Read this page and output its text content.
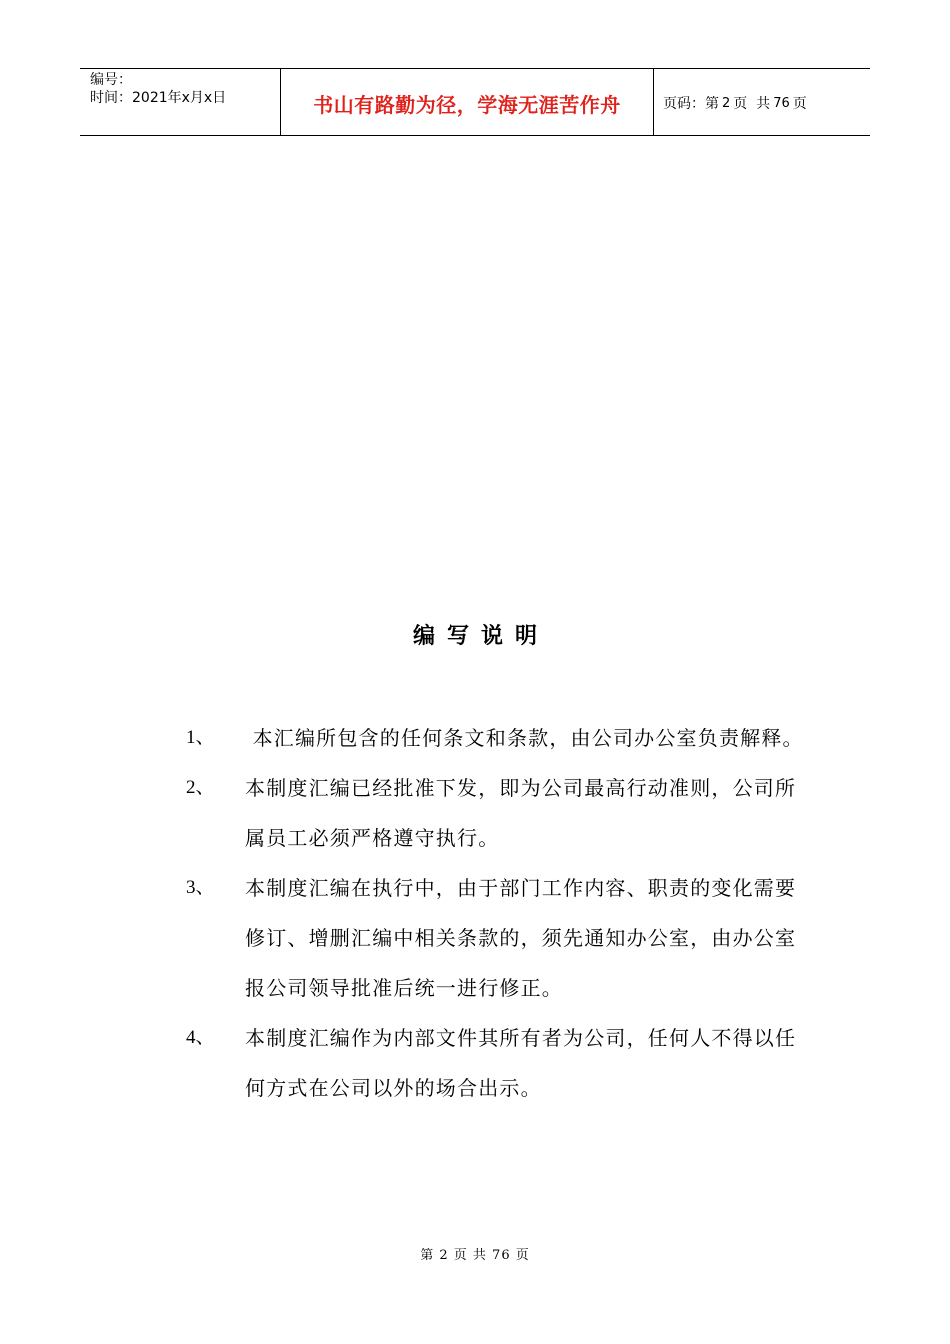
编号：
时间：2021年x月x日	书山有路勤为径，学海无涯苦作舟	页码：第 2 页  共 76 页
编写说明
1、	本汇编所包含的任何条文和条款，由公司办公室负责解释。
2、	本制度汇编已经批准下发，即为公司最高行动准则，公司所属员工必须严格遵守执行。
3、	本制度汇编在执行中，由于部门工作内容、职责的变化需要修订、增删汇编中相关条款的，须先通知办公室，由办公室报公司领导批准后统一进行修正。
4、	本制度汇编作为内部文件其所有者为公司，任何人不得以任何方式在公司以外的场合出示。
第 2 页 共 76 页
